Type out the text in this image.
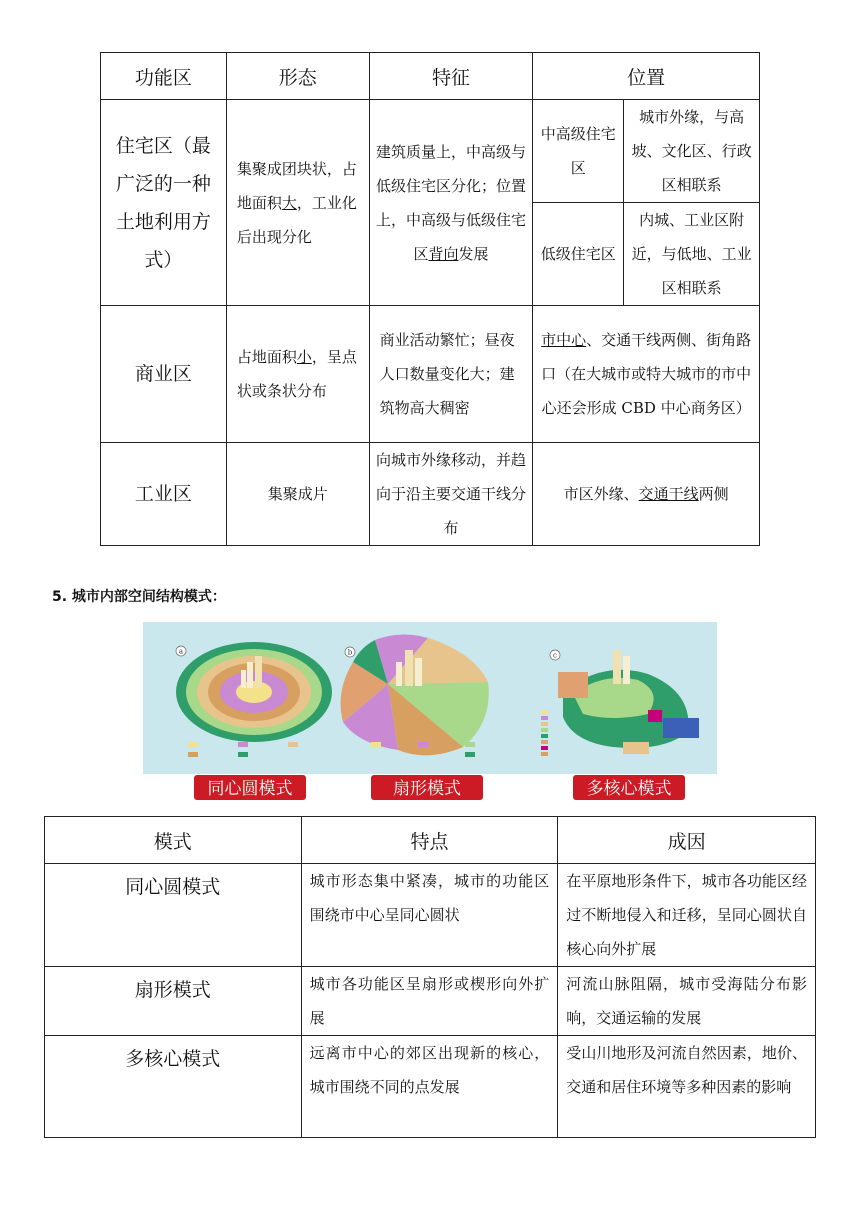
功能区	形态	特征	位置	
住宅区（最广泛的一种土地利用方式）	集聚成团块状，占地面积大，工业化后出现分化	建筑质量上，中高级与低级住宅区分化；位置上，中高级与低级住宅区背向发展	中高级住宅区	城市外缘，与高坡、文化区、行政区相联系
			低级住宅区	内城、工业区附近，与低地、工业区相联系
商业区	占地面积小，呈点状或条状分布	商业活动繁忙；昼夜人口数量变化大；建筑物高大稠密	市中心、交通干线两侧、街角路口（在大城市或特大城市的市中心还会形成 CBD 中心商务区）	
工业区	集聚成片	向城市外缘移动，并趋向于沿主要交通干线分布	市区外缘、交通干线两侧	
5. 城市内部空间结构模式：
a	b	c
同心圆模式	扇形模式	多核心模式
模式	特点	成因
同心圆模式	城市形态集中紧凑，城市的功能区围绕市中心呈同心圆状	在平原地形条件下，城市各功能区经过不断地侵入和迁移，呈同心圆状自核心向外扩展
扇形模式	城市各功能区呈扇形或楔形向外扩展	河流山脉阻隔，城市受海陆分布影响，交通运输的发展
多核心模式	远离市中心的郊区出现新的核心，城市围绕不同的点发展	受山川地形及河流自然因素，地价、交通和居住环境等多种因素的影响
